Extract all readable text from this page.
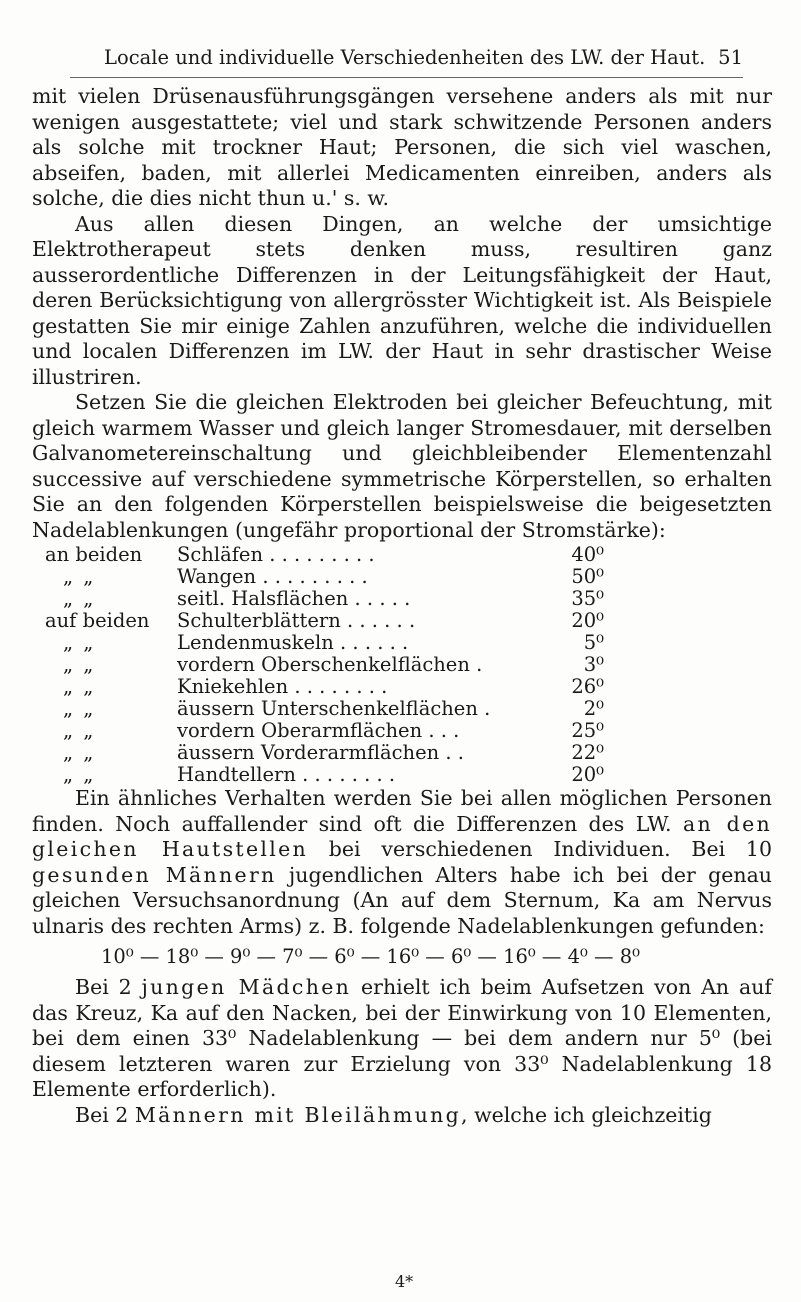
Locale und individuelle Verschiedenheiten des LW. der Haut. 51

mit vielen Drüsenausführungsgängen versehene anders als mit nur wenigen ausgestattete; viel und stark schwitzende Personen anders als solche mit trockner Haut; Personen, die sich viel waschen, abseifen, baden, mit allerlei Medicamenten einreiben, anders als solche, die dies nicht thun u.' s. w.

Aus allen diesen Dingen, an welche der umsichtige Elektrotherapeut stets denken muss, resultiren ganz ausserordentliche Differenzen in der Leitungsfähigkeit der Haut, deren Berücksichtigung von allergrösster Wichtigkeit ist. Als Beispiele gestatten Sie mir einige Zahlen anzuführen, welche die individuellen und localen Differenzen im LW. der Haut in sehr drastischer Weise illustriren.

Setzen Sie die gleichen Elektroden bei gleicher Befeuchtung, mit gleich warmem Wasser und gleich langer Stromesdauer, mit derselben Galvanometereinschaltung und gleichbleibender Elementenzahl successive auf verschiedene symmetrische Körperstellen, so erhalten Sie an den folgenden Körperstellen beispielsweise die beigesetzten Nadelablenkungen (ungefähr proportional der Stromstärke):

an beiden	Schläfen . . . . . . . . .	40⁰
„ „	Wangen . . . . . . . . .	50⁰
„ „	seitl. Halsflächen . . . . .	35⁰
auf beiden	Schulterblättern . . . . . .	20⁰
„ „	Lendenmuskeln . . . . . .	5⁰
„ „	vordern Oberschenkelflächen .	3⁰
„ „	Kniekehlen . . . . . . . .	26⁰
„ „	äussern Unterschenkelflächen .	2⁰
„ „	vordern Oberarmflächen . . .	25⁰
„ „	äussern Vorderarmflächen . .	22⁰
„ „	Handtellern . . . . . . . .	20⁰

Ein ähnliches Verhalten werden Sie bei allen möglichen Personen finden. Noch auffallender sind oft die Differenzen des LW. an den gleichen Hautstellen bei verschiedenen Individuen. Bei 10 gesunden Männern jugendlichen Alters habe ich bei der genau gleichen Versuchsanordnung (An auf dem Sternum, Ka am Nervus ulnaris des rechten Arms) z. B. folgende Nadelablenkungen gefunden:

10⁰ — 18⁰ — 9⁰ — 7⁰ — 6⁰ — 16⁰ — 6⁰ — 16⁰ — 4⁰ — 8⁰

Bei 2 jungen Mädchen erhielt ich beim Aufsetzen von An auf das Kreuz, Ka auf den Nacken, bei der Einwirkung von 10 Elementen, bei dem einen 33⁰ Nadelablenkung — bei dem andern nur 5⁰ (bei diesem letzteren waren zur Erzielung von 33⁰ Nadelablenkung 18 Elemente erforderlich).

Bei 2 Männern mit Bleilähmung, welche ich gleichzeitig

4*
